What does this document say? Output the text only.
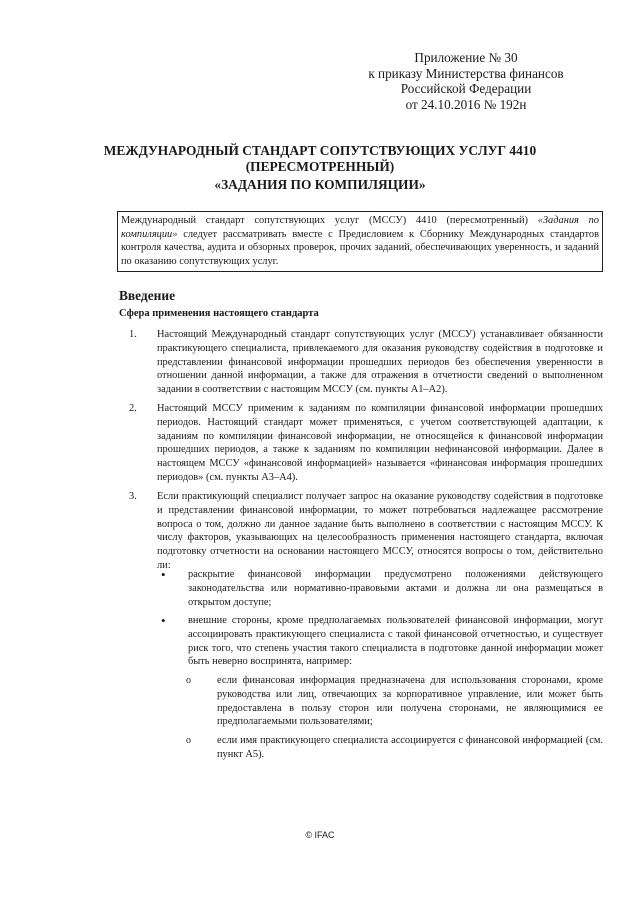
Приложение № 30
к приказу Министерства финансов
Российской Федерации
от 24.10.2016 № 192н
МЕЖДУНАРОДНЫЙ СТАНДАРТ СОПУТСТВУЮЩИХ УСЛУГ 4410
(ПЕРЕСМОТРЕННЫЙ)
«ЗАДАНИЯ ПО КОМПИЛЯЦИИ»
Международный стандарт сопутствующих услуг (МССУ) 4410 (пересмотренный) «Задания по компиляции» следует рассматривать вместе с Предисловием к Сборнику Международных стандартов контроля качества, аудита и обзорных проверок, прочих заданий, обеспечивающих уверенность, и заданий по оказанию сопутствующих услуг.
Введение
Сфера применения настоящего стандарта
1. Настоящий Международный стандарт сопутствующих услуг (МССУ) устанавливает обязанности практикующего специалиста, привлекаемого для оказания руководству содействия в подготовке и представлении финансовой информации прошедших периодов без обеспечения уверенности в отношении данной информации, а также для отражения в отчетности сведений о выполненном задании в соответствии с настоящим МССУ (см. пункты А1–А2).
2. Настоящий МССУ применим к заданиям по компиляции финансовой информации прошедших периодов. Настоящий стандарт может применяться, с учетом соответствующей адаптации, к заданиям по компиляции финансовой информации, не относящейся к финансовой информации прошедших периодов, а также к заданиям по компиляции нефинансовой информации. Далее в настоящем МССУ «финансовой информацией» называется «финансовая информация прошедших периодов» (см. пункты А3–А4).
3. Если практикующий специалист получает запрос на оказание руководству содействия в подготовке и представлении финансовой информации, то может потребоваться надлежащее рассмотрение вопроса о том, должно ли данное задание быть выполнено в соответствии с настоящим МССУ. К числу факторов, указывающих на целесообразность применения настоящего стандарта, включая подготовку отчетности на основании настоящего МССУ, относятся вопросы о том, действительно ли:
• раскрытие финансовой информации предусмотрено положениями действующего законодательства или нормативно-правовыми актами и должна ли она размещаться в открытом доступе;
• внешние стороны, кроме предполагаемых пользователей финансовой информации, могут ассоциировать практикующего специалиста с такой финансовой отчетностью, и существует риск того, что степень участия такого специалиста в подготовке данной информации может быть неверно воспринята, например:
o	если финансовая информация предназначена для использования сторонами, кроме руководства или лиц, отвечающих за корпоративное управление, или может быть предоставлена в пользу сторон или получена сторонами, не являющимися ее предполагаемыми пользователями;
o	если имя практикующего специалиста ассоциируется с финансовой информацией (см. пункт А5).
© IFAC
